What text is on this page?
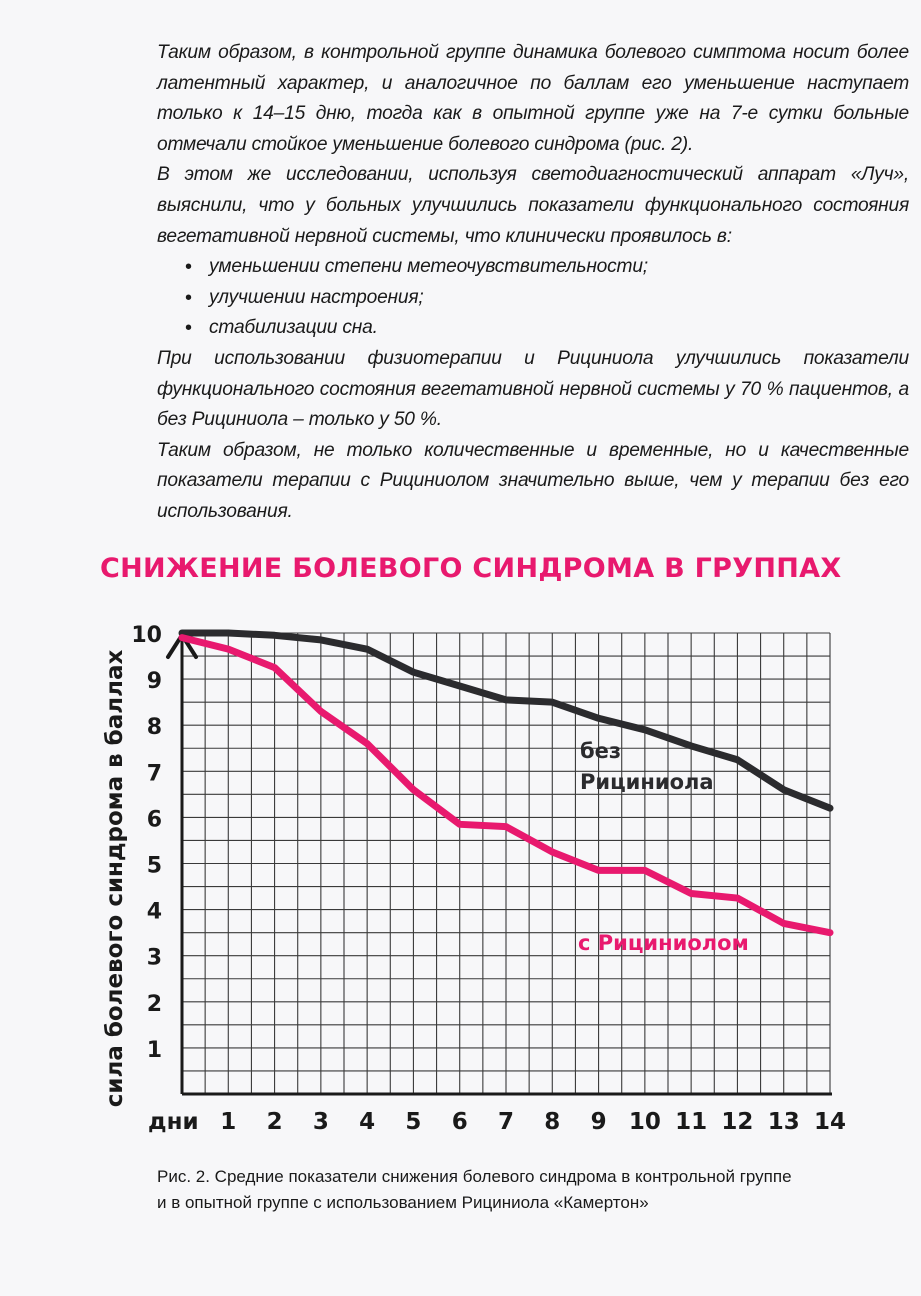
Таким образом, в контрольной группе динамика болевого симптома носит более латентный характер, и аналогичное по баллам его уменьшение наступает только к 14–15 дню, тогда как в опытной группе уже на 7-е сутки больные отмечали стойкое уменьшение болевого синдрома (рис. 2).

В этом же исследовании, используя светодиагностический аппарат «Луч», выяснили, что у больных улучшились показатели функционального состояния вегетативной нервной системы, что клинически проявилось в:

• уменьшении степени метеочувствительности;
• улучшении настроения;
• стабилизации сна.

При использовании физиотерапии и Рициниола улучшились показатели функционального состояния вегетативной нервной системы у 70 % пациентов, а без Рициниола – только у 50 %.

Таким образом, не только количественные и временные, но и качественные показатели терапии с Рициниолом значительно выше, чем у терапии без его использования.

СНИЖЕНИЕ БОЛЕВОГО СИНДРОМА В ГРУППАХ
1
2
3
4
5
6
7
8
9
10
1 2 3 4 5 6 7 8 9 10 11 12 13 14
дни
сила болевого синдрома в баллах	без
Рициниола
с Рициниолом

Рис. 2. Средние показатели снижения болевого синдрома в контрольной группе

и в опытной группе с использованием Рициниола «Камертон»
